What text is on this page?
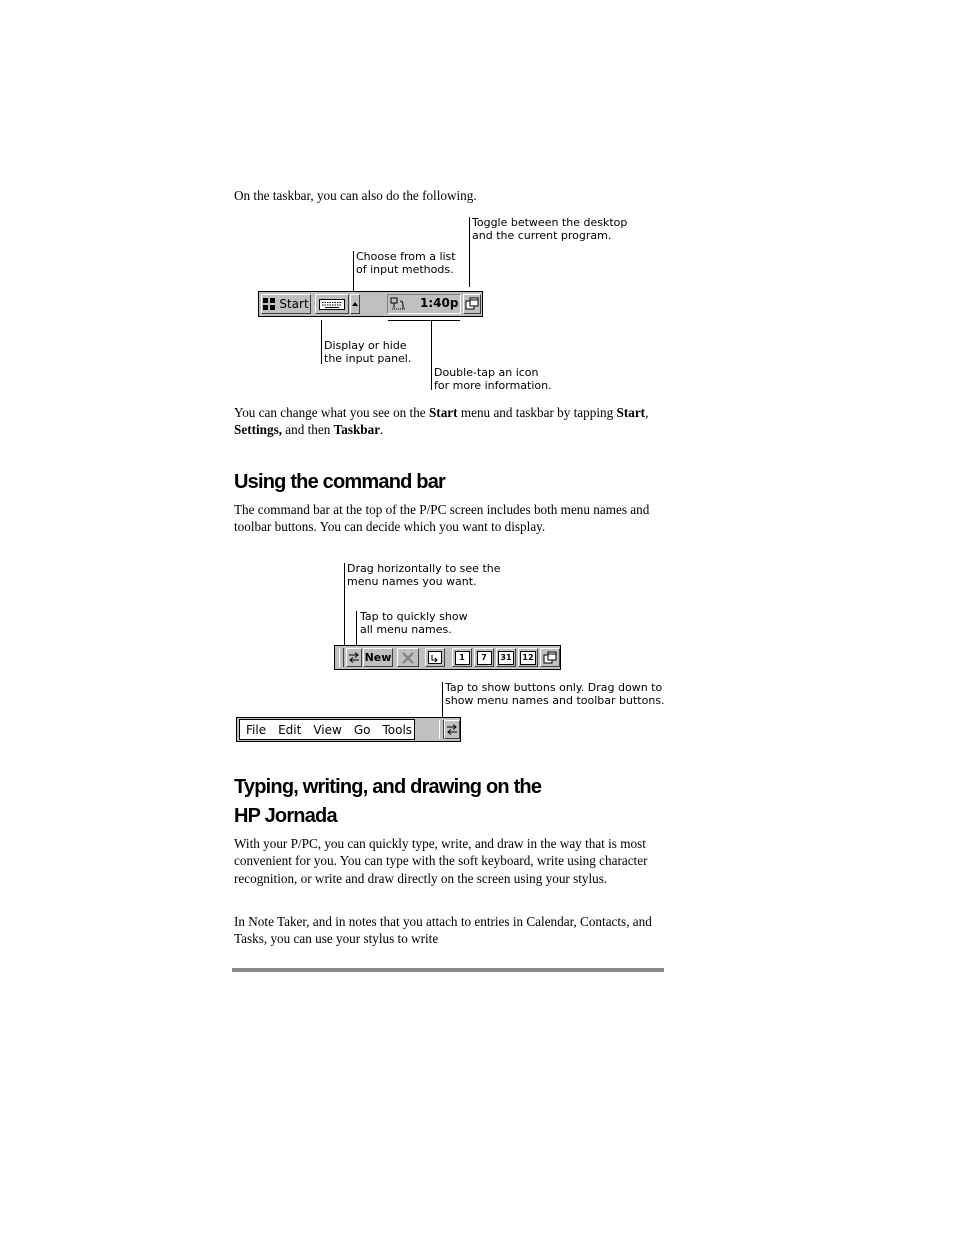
On the taskbar, you can also do the following.

Toggle between the desktop
and the current program.
Choose from a list
of input methods.
Start	1:40p
Display or hide
the input panel.
Double-tap an icon
for more information.

You can change what you see on the Start menu and taskbar by tapping Start, Settings, and then Taskbar.

Using the command bar

The command bar at the top of the P/PC screen includes both menu names and toolbar buttons. You can decide which you want to display.

Drag horizontally to see the
menu names you want.
Tap to quickly show
all menu names.
New	1	7	31	12
Tap to show buttons only. Drag down to
show menu names and toolbar buttons.
File Edit View Go Tools
Typing, writing, and drawing on the
HP Jornada

With your P/PC, you can quickly type, write, and draw in the way that is most convenient for you. You can type with the soft keyboard, write using character recognition, or write and draw directly on the screen using your stylus.

In Note Taker, and in notes that you attach to entries in Calendar, Contacts, and Tasks, you can use your stylus to write
